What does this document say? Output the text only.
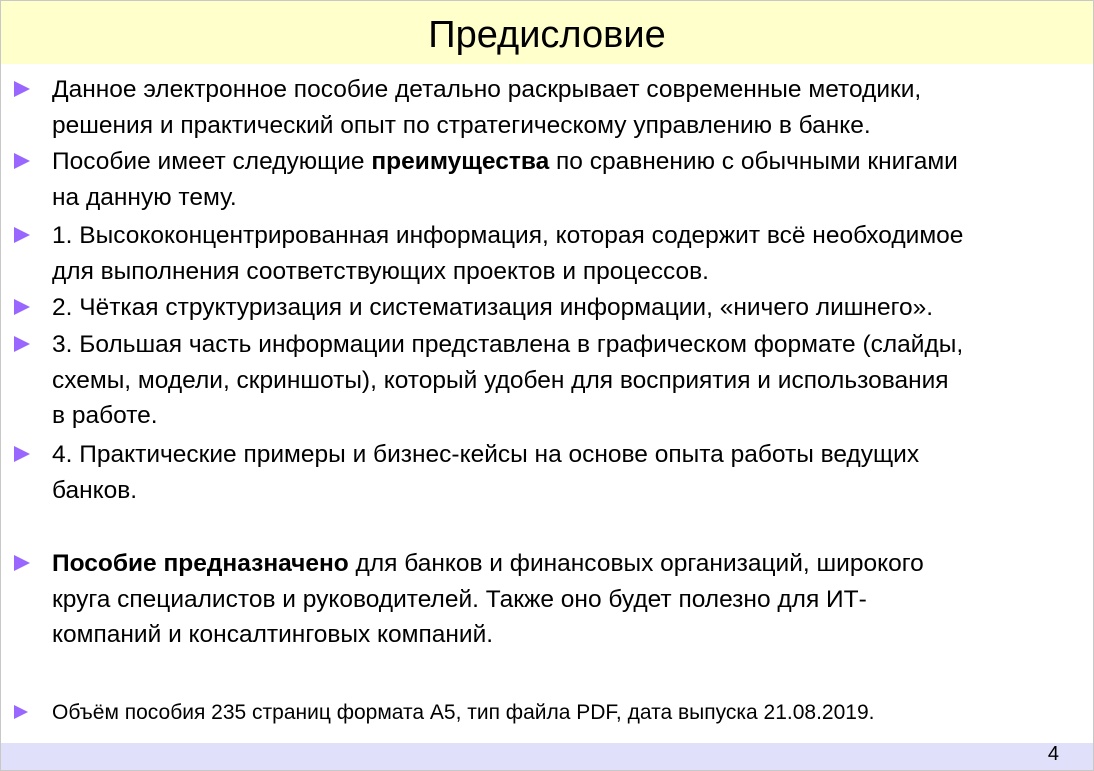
Предисловие
Данное электронное пособие детально раскрывает современные методики,
решения и практический опыт по стратегическому управлению в банке.
Пособие имеет следующие преимущества по сравнению с обычными книгами
на данную тему.
1. Высококонцентрированная информация, которая содержит всё необходимое
для выполнения соответствующих проектов и процессов.
2. Чёткая структуризация и систематизация информации, «ничего лишнего».
3. Большая часть информации представлена в графическом формате (слайды,
схемы, модели, скриншоты), который удобен для восприятия и использования
в работе.
4. Практические примеры и бизнес-кейсы на основе опыта работы ведущих
банков.
Пособие предназначено для банков и финансовых организаций, широкого
круга специалистов и руководителей. Также оно будет полезно для ИТ-
компаний и консалтинговых компаний.
Объём пособия 235 страниц формата А5, тип файла PDF, дата выпуска 21.08.2019.
4
